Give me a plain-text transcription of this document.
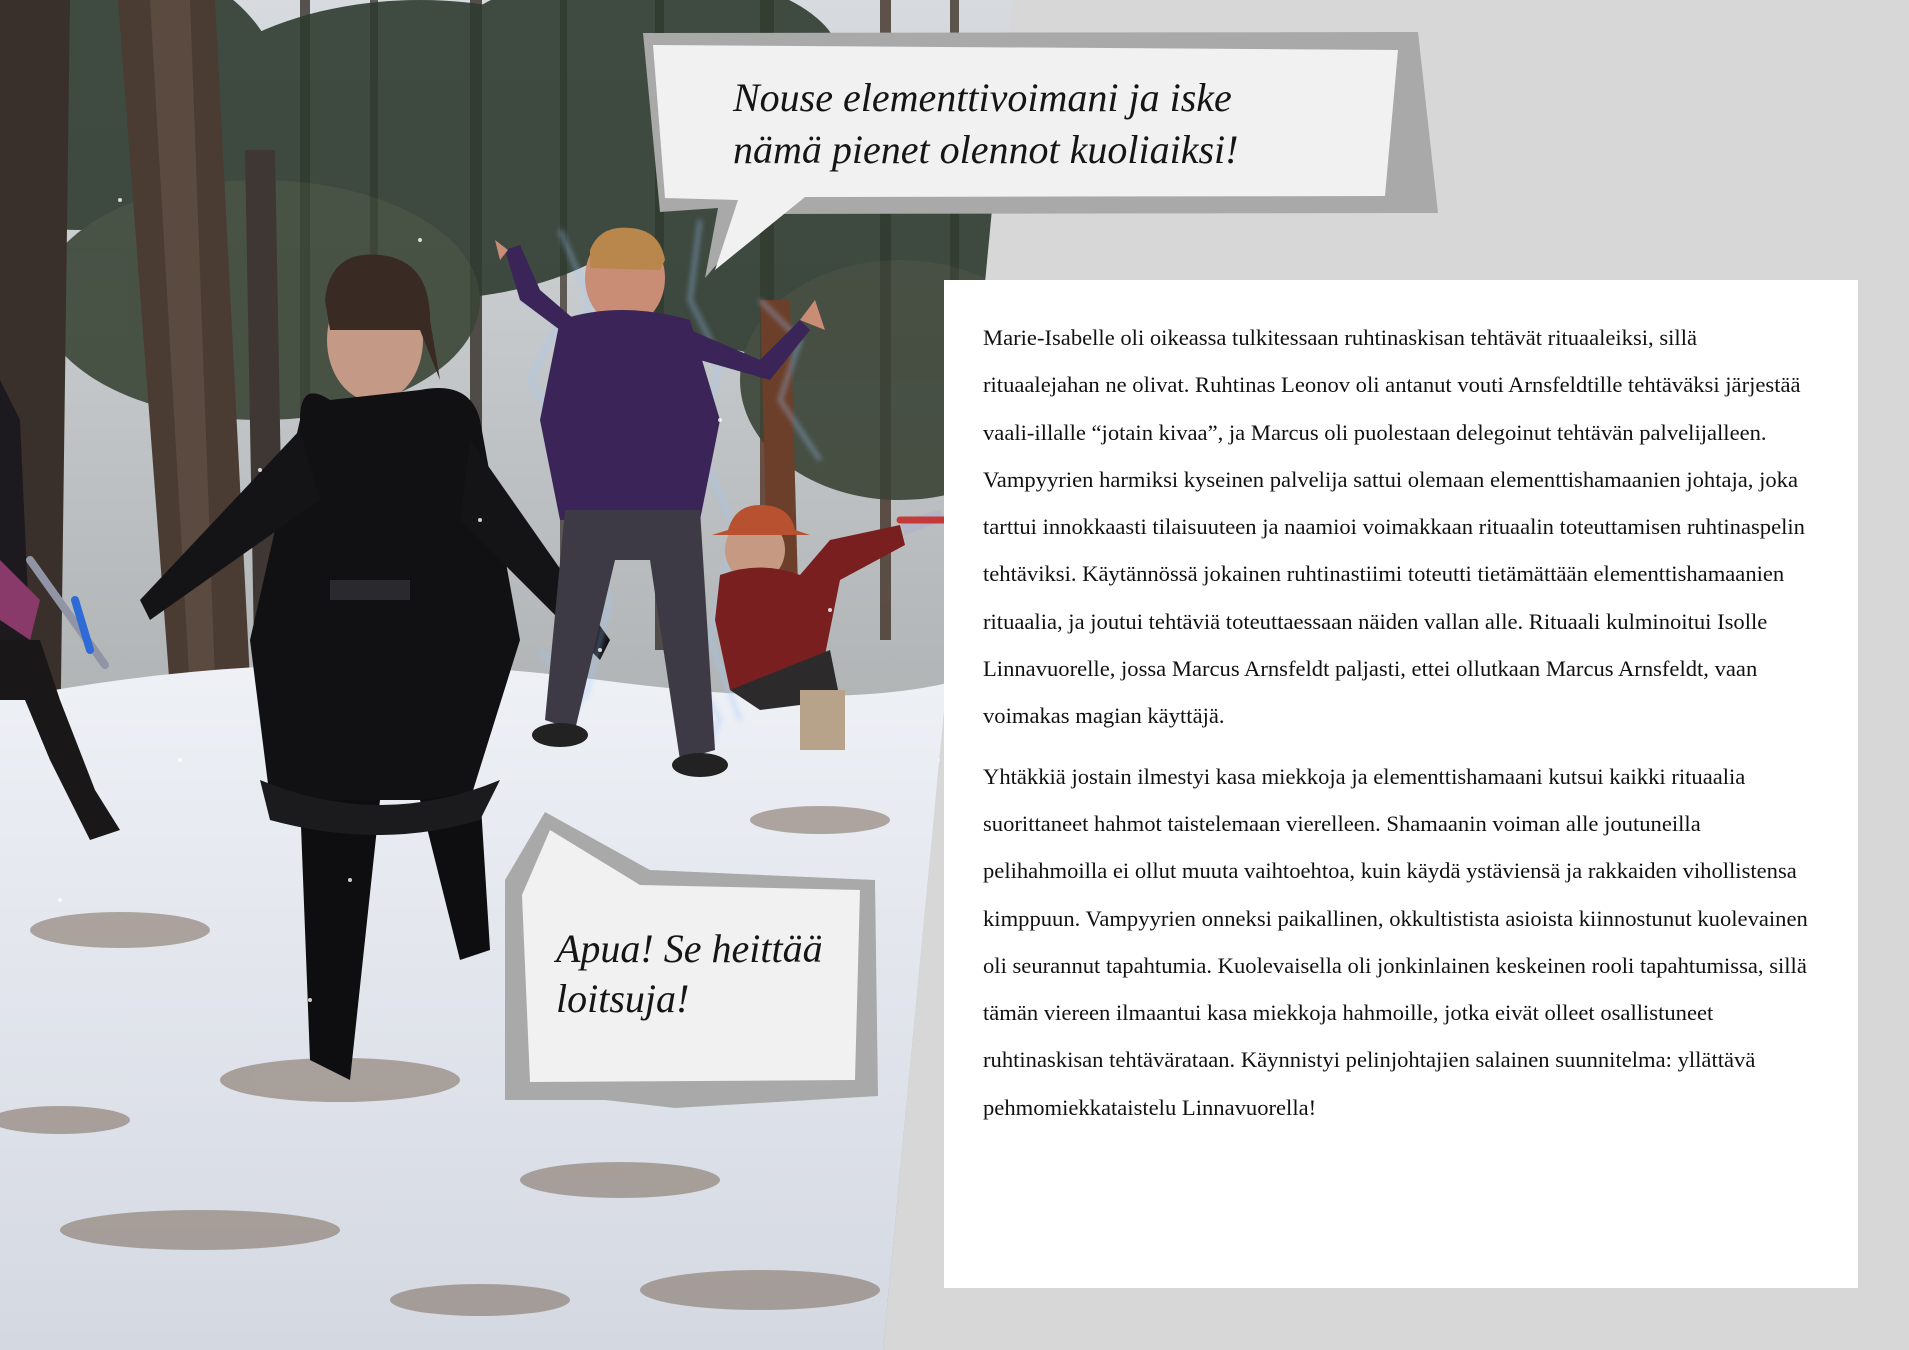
Nouse elementtivoimani ja iske
nämä pienet olennot kuoliaiksi!
Apua! Se heittää
loitsuja!

Marie-Isabelle oli oikeassa tulkitessaan ruhtinaskisan tehtävät rituaaleiksi, sillä rituaalejahan ne olivat. Ruhtinas Leonov oli antanut vouti Arnsfeldtille tehtäväksi järjestää vaali-illalle “jotain kivaa”, ja Marcus oli puolestaan delegoinut tehtävän palvelijalleen. Vampyyrien harmiksi kyseinen palvelija sattui olemaan elementtishamaanien johtaja, joka tarttui innokkaasti tilaisuuteen ja naamioi voimakkaan rituaalin toteuttamisen ruhtinaspelin tehtäviksi. Käytännössä jokainen ruhtinastiimi toteutti tietämättään elementtishamaanien rituaalia, ja joutui tehtäviä toteuttaessaan näiden vallan alle. Rituaali kulminoitui Isolle Linnavuorelle, jossa Marcus Arnsfeldt paljasti, ettei ollutkaan Marcus Arnsfeldt, vaan voimakas magian käyttäjä.

Yhtäkkiä jostain ilmestyi kasa miekkoja ja elementtishamaani kutsui kaikki rituaalia suorittaneet hahmot taistelemaan vierelleen. Shamaanin voiman alle joutuneilla pelihahmoilla ei ollut muuta vaihtoehtoa, kuin käydä ystäviensä ja rakkaiden vihollistensa kimppuun. Vampyyrien onneksi paikallinen, okkultistista asioista kiinnostunut kuolevainen oli seurannut tapahtumia. Kuolevaisella oli jonkinlainen keskeinen rooli tapahtumissa, sillä tämän viereen ilmaantui kasa miekkoja hahmoille, jotka eivät olleet osallistuneet ruhtinaskisan tehtävärataan. Käynnistyi pelinjohtajien salainen suunnitelma: yllättävä pehmomiekkataistelu Linnavuorella!
